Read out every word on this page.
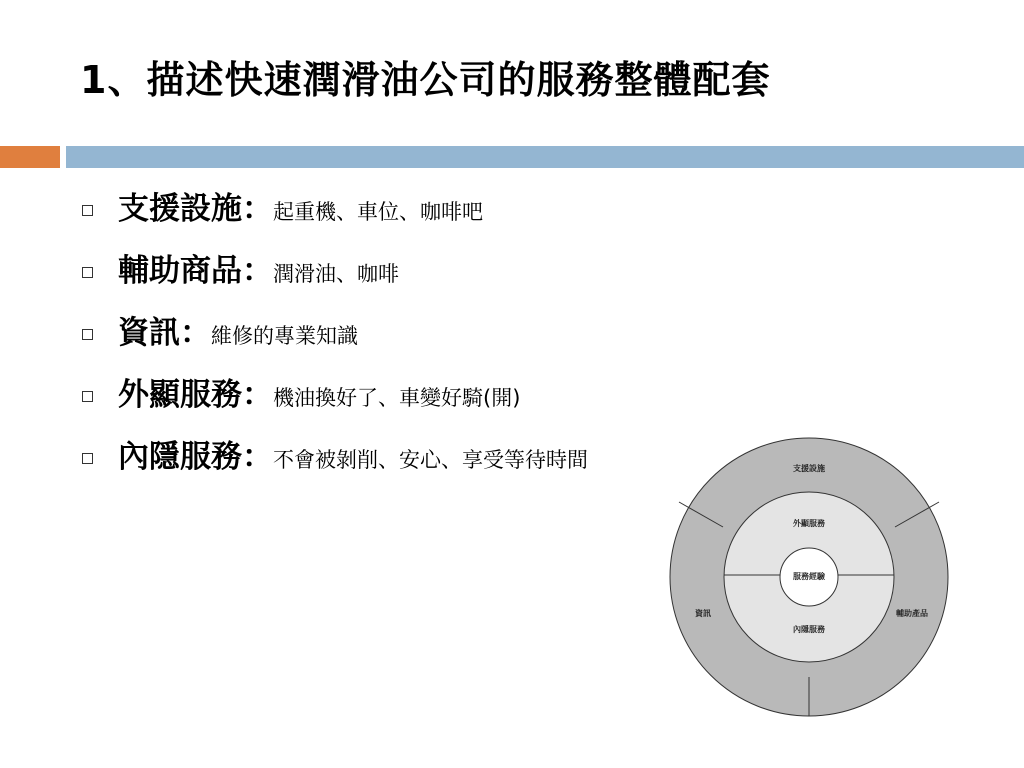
1、描述快速潤滑油公司的服務整體配套
支援設施：起重機、車位、咖啡吧
輔助商品：潤滑油、咖啡
資訊：維修的專業知識
外顯服務：機油換好了、車變好騎(開)
內隱服務：不會被剝削、安心、享受等待時間	支援設施
資訊	輔助產品
外顯服務
內隱服務
服務經驗
